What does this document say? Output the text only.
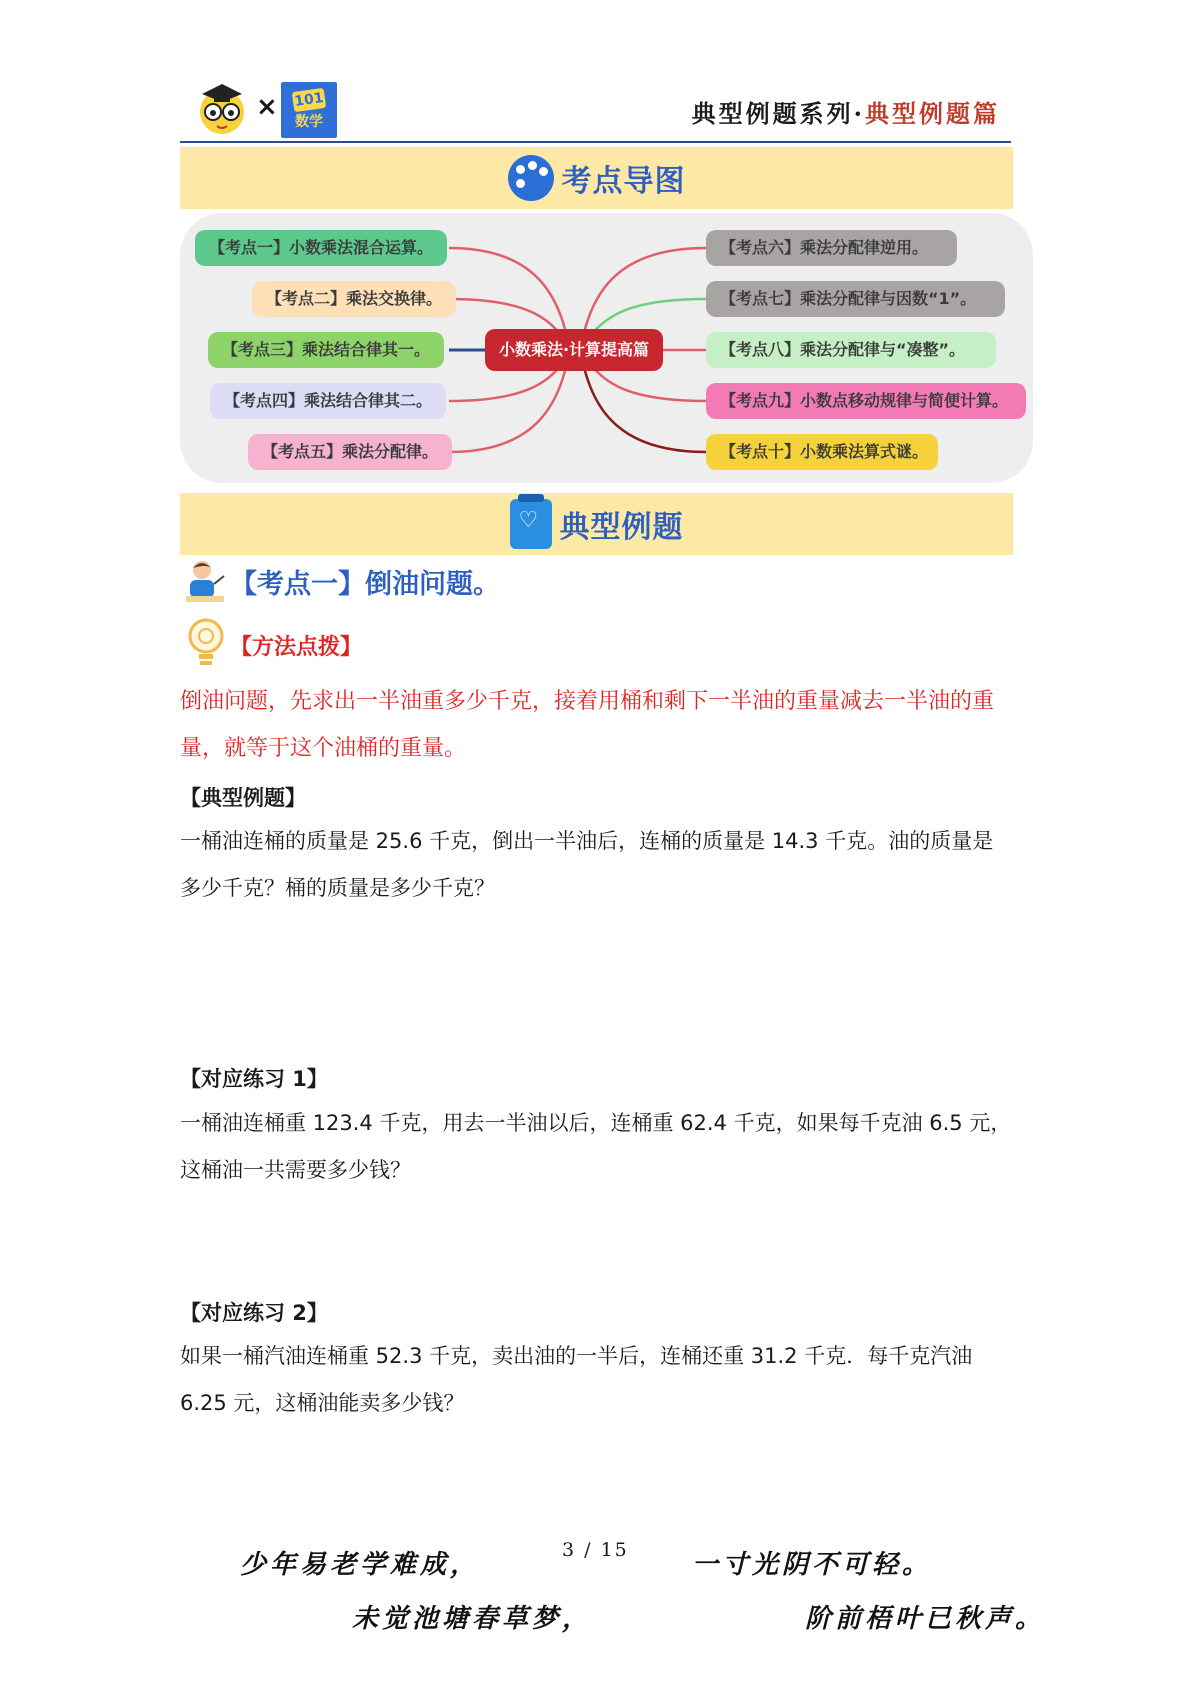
× 101
数学	典型例题系列·典型例题篇
考点导图
小数乘法·计算提高篇
【考点一】小数乘法混合运算。
【考点二】乘法交换律。
【考点三】乘法结合律其一。
【考点四】乘法结合律其二。
【考点五】乘法分配律。
【考点六】乘法分配律逆用。
【考点七】乘法分配律与因数“1”。
【考点八】乘法分配律与“凑整”。
【考点九】小数点移动规律与简便计算。
【考点十】小数乘法算式谜。
♡ 典型例题
【考点一】倒油问题。
【方法点拨】
倒油问题，先求出一半油重多少千克，接着用桶和剩下一半油的重量减去一半油的重量，就等于这个油桶的重量。
【典型例题】
一桶油连桶的质量是 25.6 千克，倒出一半油后，连桶的质量是 14.3 千克。油的质量是多少千克？桶的质量是多少千克？
【对应练习 1】
一桶油连桶重 123.4 千克，用去一半油以后，连桶重 62.4 千克，如果每千克油 6.5 元，这桶油一共需要多少钱？
【对应练习 2】
如果一桶汽油连桶重 52.3 千克，卖出油的一半后，连桶还重 31.2 千克．每千克汽油 6.25 元，这桶油能卖多少钱？
少年易老学难成，	3 / 15 一寸光阴不可轻。
未觉池塘春草梦，	阶前梧叶已秋声。
